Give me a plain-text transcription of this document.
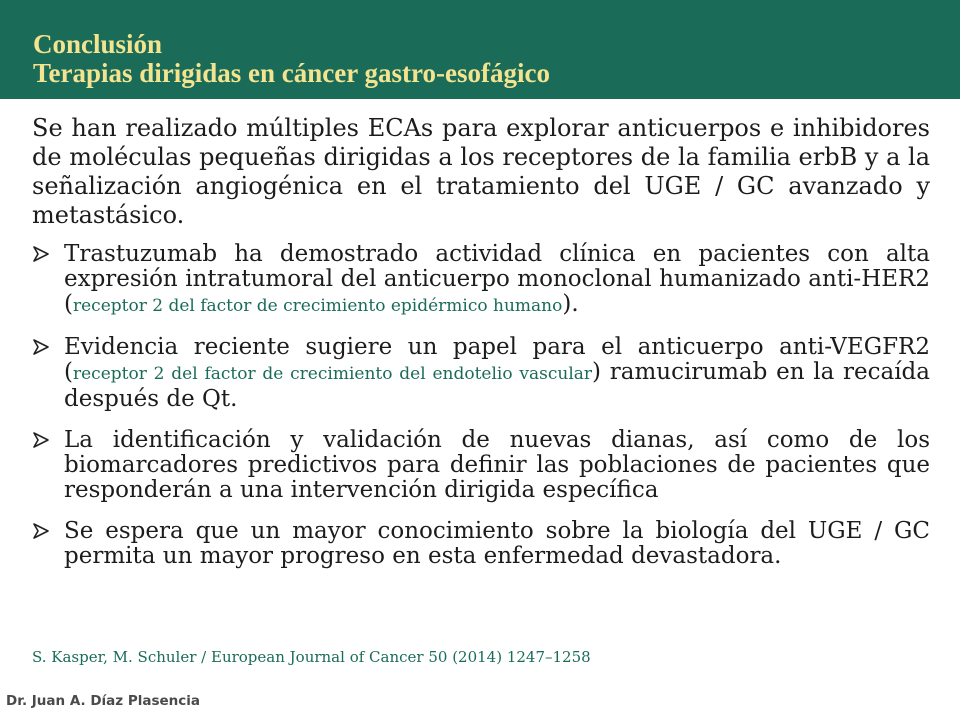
Conclusión
Terapias dirigidas en cáncer gastro-esofágico

Se han realizado múltiples ECAs para explorar anticuerpos e inhibidores de moléculas pequeñas dirigidas a los receptores de la familia erbB y a la señalización angiogénica en el tratamiento del UGE / GC avanzado y metastásico.

Trastuzumab ha demostrado actividad clínica en pacientes con alta expresión intratumoral del anticuerpo monoclonal humanizado anti-HER2 (receptor 2 del factor de crecimiento epidérmico humano).
Evidencia reciente sugiere un papel para el anticuerpo anti-VEGFR2 (receptor 2 del factor de crecimiento del endotelio vascular) ramucirumab en la recaída después de Qt.
La identificación y validación de nuevas dianas, así como de los biomarcadores predictivos para definir las poblaciones de pacientes que responderán a una intervención dirigida específica
Se espera que un mayor conocimiento sobre la biología del UGE / GC permita un mayor progreso en esta enfermedad devastadora.

S. Kasper, M. Schuler / European Journal of Cancer 50 (2014) 1247–1258

Dr. Juan A. Díaz Plasencia
